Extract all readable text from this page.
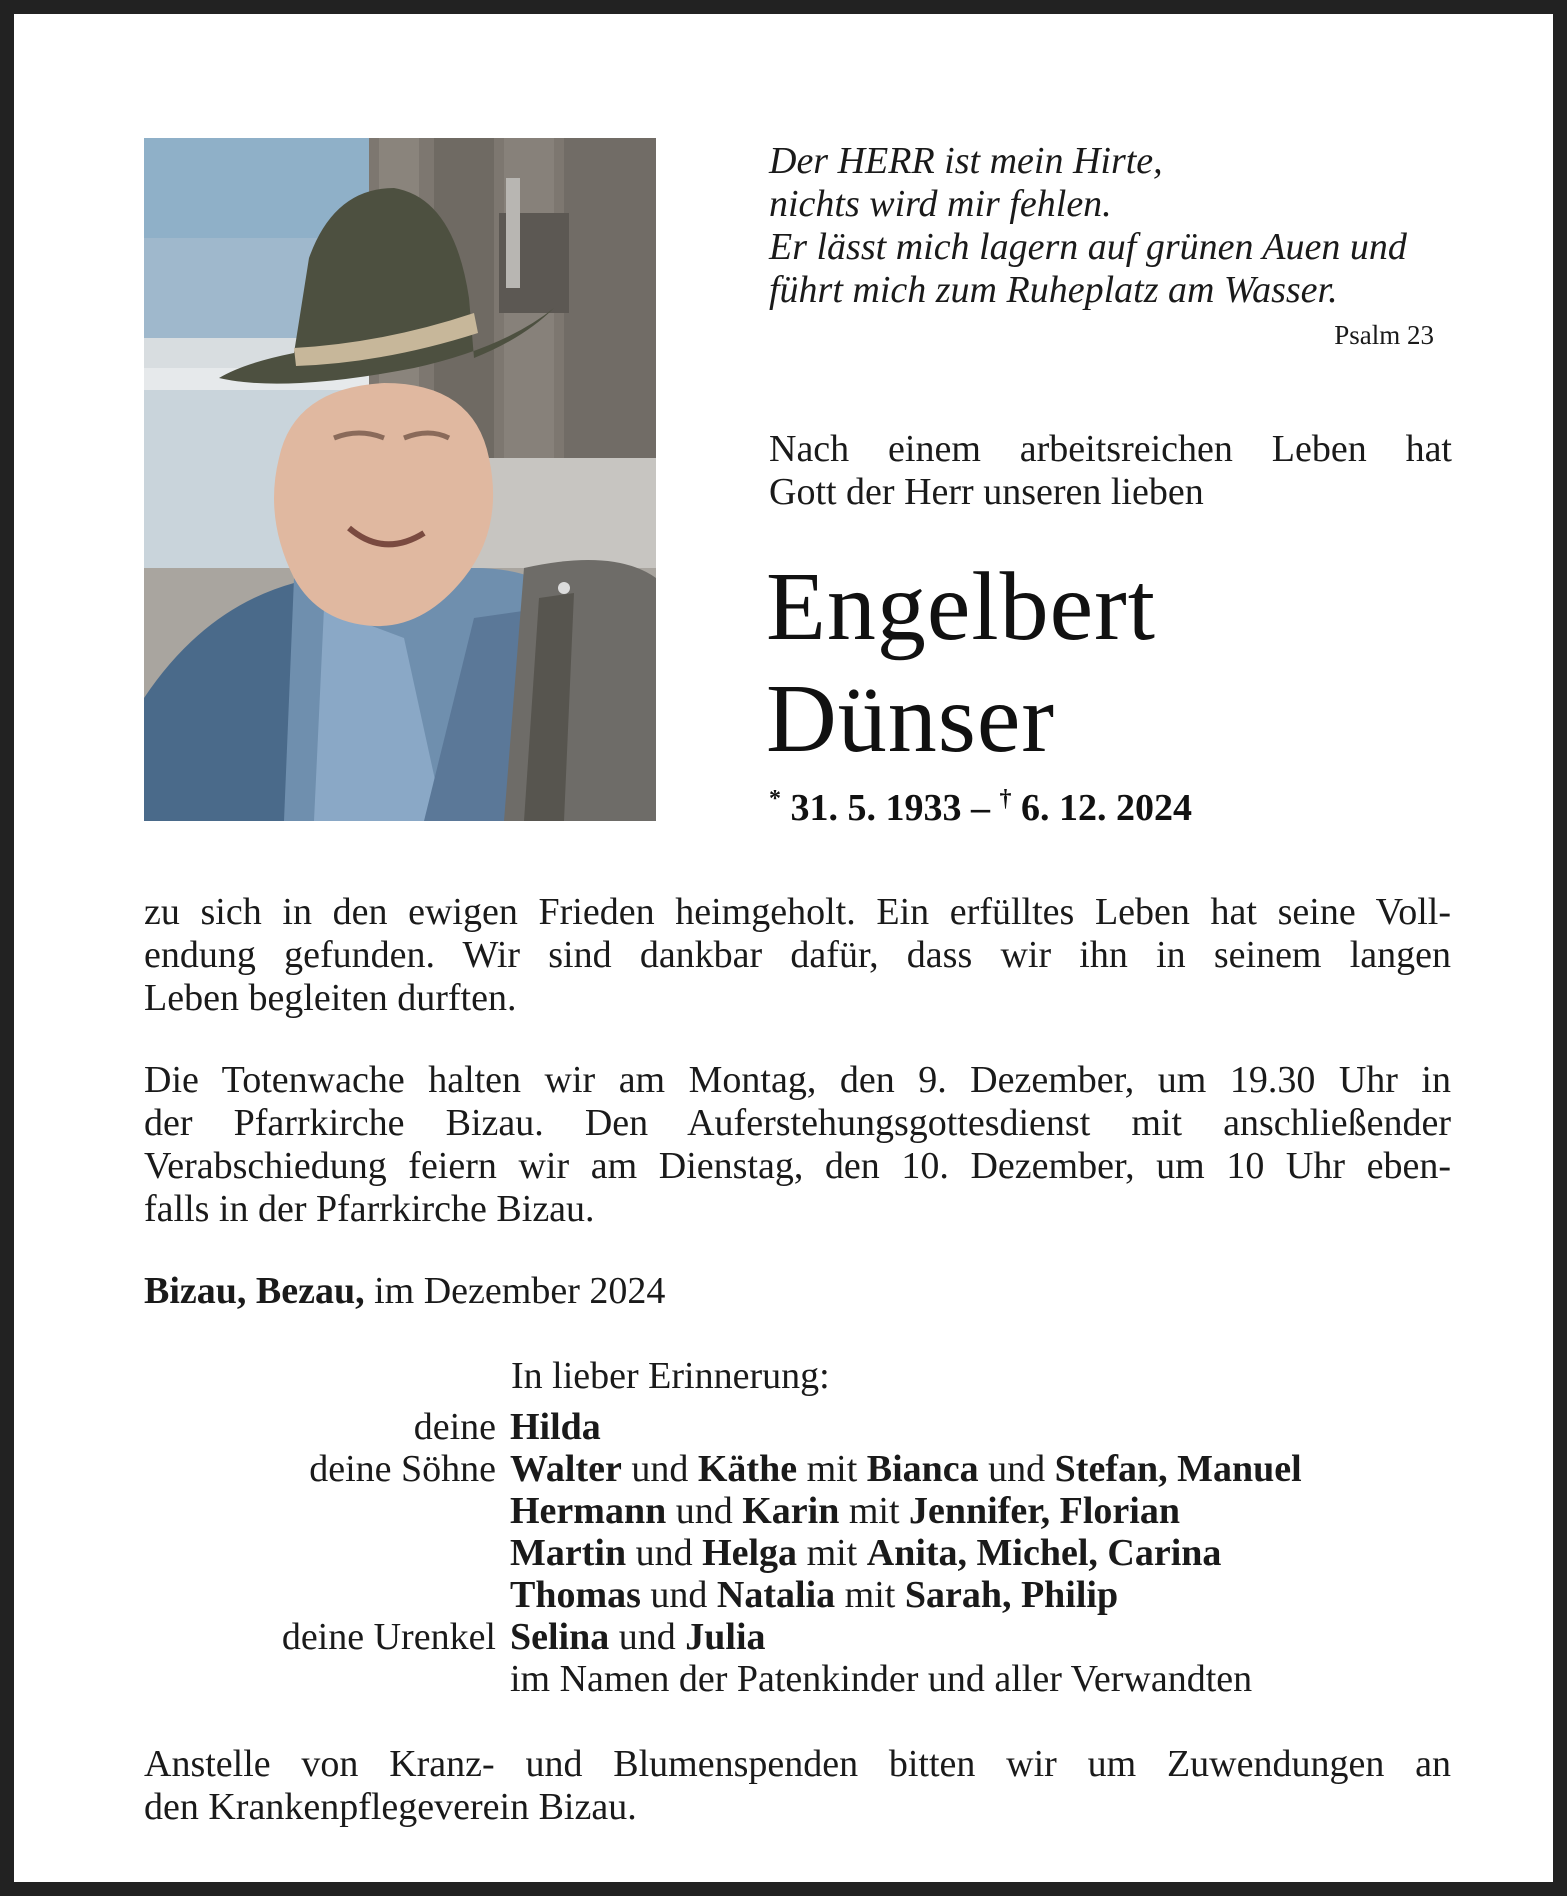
Der HERR ist mein Hirte,
nichts wird mir fehlen.
Er lässt mich lagern auf grünen Auen und
führt mich zum Ruheplatz am Wasser.
Psalm 23
Nach einem arbeitsreichen Leben hat
Gott der Herr unseren lieben
Engelbert
Dünser
* 31. 5. 1933 – † 6. 12. 2024
zu sich in den ewigen Frieden heimgeholt. Ein erfülltes Leben hat seine Voll-
endung gefunden. Wir sind dankbar dafür, dass wir ihn in seinem langen
Leben begleiten durften.
Die Totenwache halten wir am Montag, den 9. Dezember, um 19.30 Uhr in
der Pfarrkirche Bizau. Den Auferstehungsgottesdienst mit anschließender
Verabschiedung feiern wir am Dienstag, den 10. Dezember, um 10 Uhr eben-
falls in der Pfarrkirche Bizau.
Bizau, Bezau, im Dezember 2024
In lieber Erinnerung:
deine Hilda
deine Söhne Walter und Käthe mit Bianca und Stefan, Manuel
Hermann und Karin mit Jennifer, Florian
Martin und Helga mit Anita, Michel, Carina
Thomas und Natalia mit Sarah, Philip
deine Urenkel Selina und Julia
im Namen der Patenkinder und aller Verwandten
Anstelle von Kranz- und Blumenspenden bitten wir um Zuwendungen an
den Krankenpflegeverein Bizau.
